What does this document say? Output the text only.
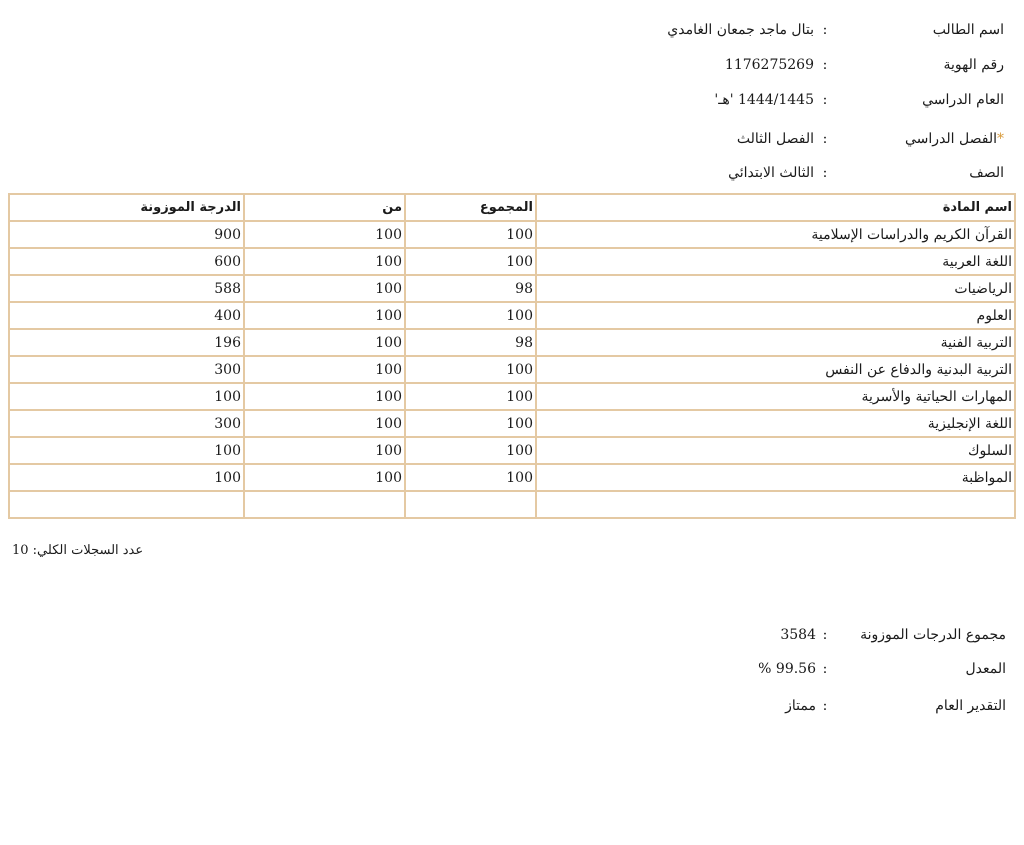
اسم الطالب
:
بتال ماجد جمعان الغامدي
رقم الهوية
:
1176275269
العام الدراسي
:
1444/1445 'هـ'
*الفصل الدراسي
:
الفصل الثالث
الصف
:
الثالث الابتدائي
الدرجة الموزونة	من	المجموع	اسم المادة
900	100	100	القرآن الكريم والدراسات الإسلامية
600	100	100	اللغة العربية
588	100	98	الرياضيات
400	100	100	العلوم
196	100	98	التربية الفنية
300	100	100	التربية البدنية والدفاع عن النفس
100	100	100	المهارات الحياتية والأسرية
300	100	100	اللغة الإنجليزية
100	100	100	السلوك
100	100	100	المواظبة

عدد السجلات الكلي: 10
مجموع الدرجات الموزونة
:
3584
المعدل
:
99.56 %
التقدير العام
:
ممتاز
